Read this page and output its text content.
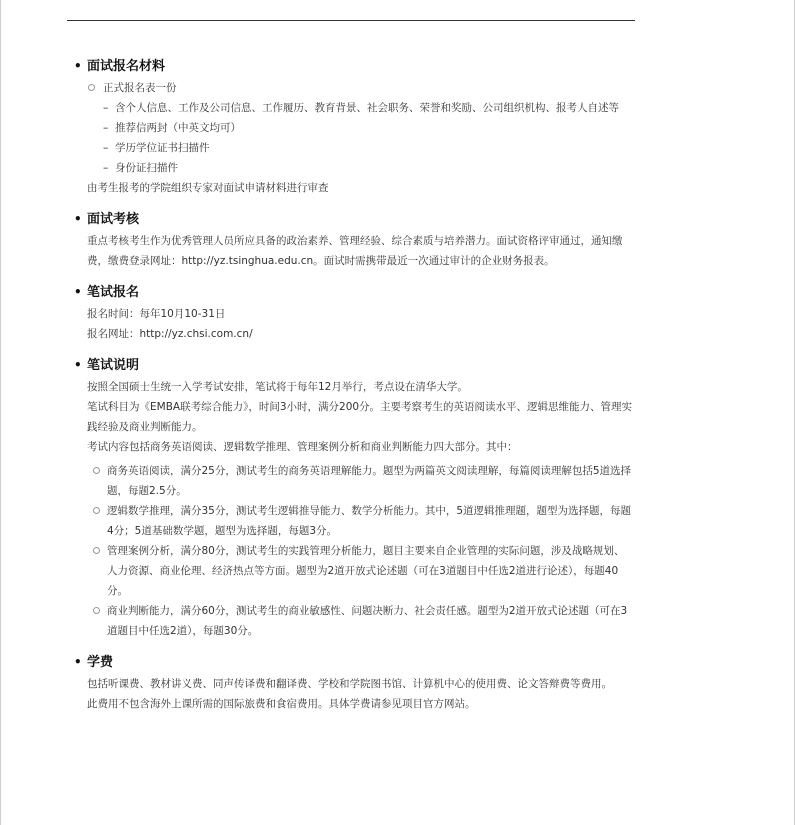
• 面试报名材料
正式报名表一份
– 含个人信息、工作及公司信息、工作履历、教育背景、社会职务、荣誉和奖励、公司组织机构、报考人自述等
– 推荐信两封（中英文均可）
– 学历学位证书扫描件
– 身份证扫描件
由考生报考的学院组织专家对面试申请材料进行审查
• 面试考核
重点考核考生作为优秀管理人员所应具备的政治素养、管理经验、综合素质与培养潜力。面试资格评审通过，通知缴费，缴费登录网址：http://yz.tsinghua.edu.cn。面试时需携带最近一次通过审计的企业财务报表。
• 笔试报名
报名时间：每年10月10-31日
报名网址：http://yz.chsi.com.cn/
• 笔试说明
按照全国硕士生统一入学考试安排，笔试将于每年12月举行，考点设在清华大学。
笔试科目为《EMBA联考综合能力》，时间3小时，满分200分。主要考察考生的英语阅读水平、逻辑思维能力、管理实践经验及商业判断能力。
考试内容包括商务英语阅读、逻辑数学推理、管理案例分析和商业判断能力四大部分。其中：
商务英语阅读，满分25分，测试考生的商务英语理解能力。题型为两篇英文阅读理解，每篇阅读理解包括5道选择题，每题2.5分。
逻辑数学推理，满分35分，测试考生逻辑推导能力、数学分析能力。其中，5道逻辑推理题，题型为选择题，每题4分；5道基础数学题，题型为选择题，每题3分。
管理案例分析，满分80分，测试考生的实践管理分析能力，题目主要来自企业管理的实际问题，涉及战略规划、人力资源、商业伦理、经济热点等方面。题型为2道开放式论述题（可在3道题目中任选2道进行论述），每题40分。
商业判断能力，满分60分，测试考生的商业敏感性、问题决断力、社会责任感。题型为2道开放式论述题（可在3道题目中任选2道），每题30分。
• 学费
包括听课费、教材讲义费、同声传译费和翻译费、学校和学院图书馆、计算机中心的使用费、论文答辩费等费用。
此费用不包含海外上课所需的国际旅费和食宿费用。具体学费请参见项目官方网站。
